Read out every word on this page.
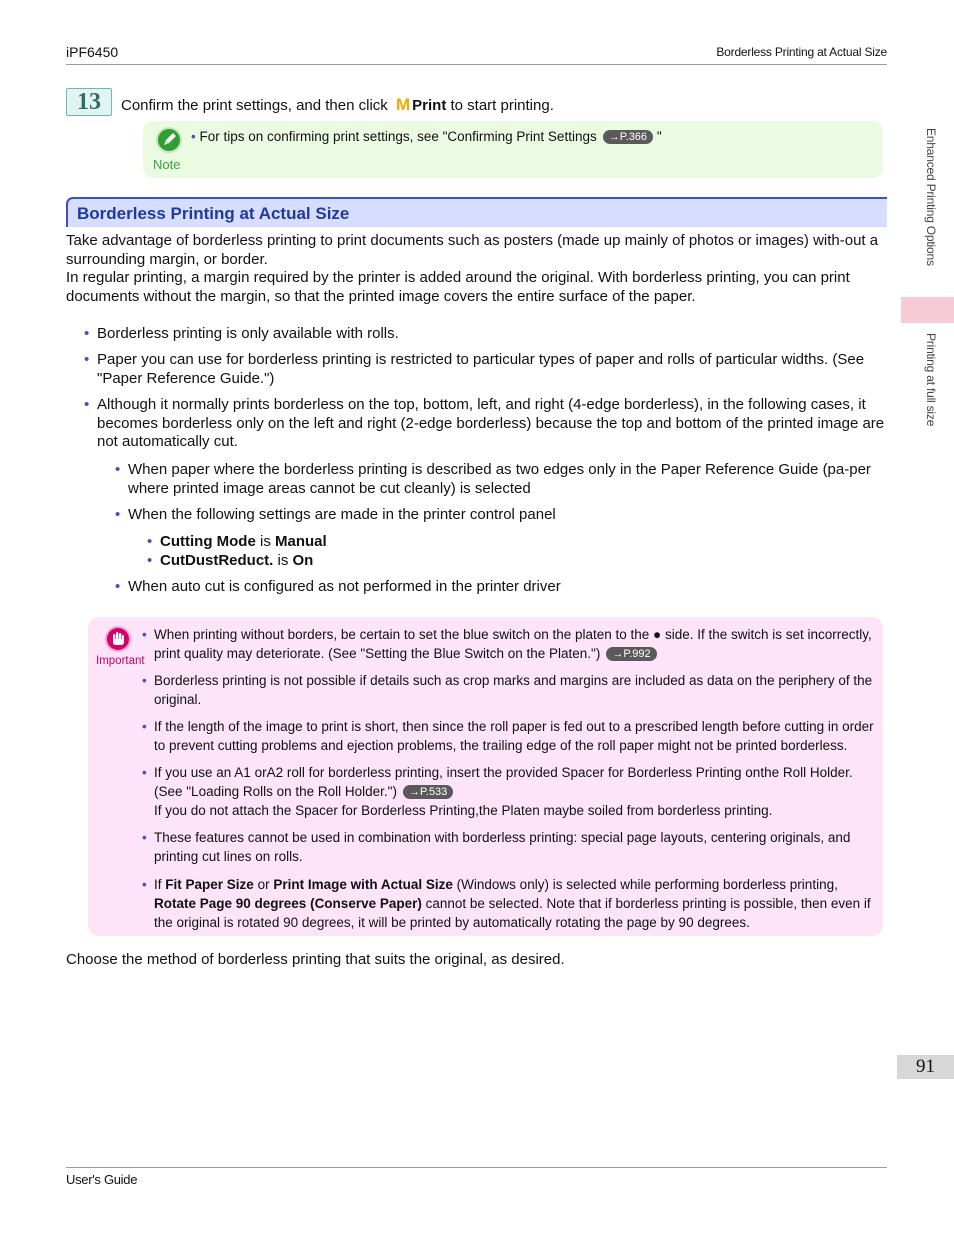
iPF6450	Borderless Printing at Actual Size
User's Guide
Enhanced Printing Options
Printing at full size
91
13	Confirm the print settings, and then click M Print to start printing.
Note
• For tips on confirming print settings, see "Confirming Print Settings →P.366 "
Borderless Printing at Actual Size
Take advantage of borderless printing to print documents such as posters (made up mainly of photos or images) with-out a surrounding margin, or border.
In regular printing, a margin required by the printer is added around the original. With borderless printing, you can print documents without the margin, so that the printed image covers the entire surface of the paper.
• Borderless printing is only available with rolls.
• Paper you can use for borderless printing is restricted to particular types of paper and rolls of particular widths. (See "Paper Reference Guide.")
• Although it normally prints borderless on the top, bottom, left, and right (4-edge borderless), in the following cases, it becomes borderless only on the left and right (2-edge borderless) because the top and bottom of the printed image are not automatically cut.
• When paper where the borderless printing is described as two edges only in the Paper Reference Guide (pa-per where printed image areas cannot be cut cleanly) is selected
• When the following settings are made in the printer control panel
• Cutting Mode is Manual
• CutDustReduct. is On
• When auto cut is configured as not performed in the printer driver
Important
• When printing without borders, be certain to set the blue switch on the platen to the ● side. If the switch is set incorrectly, print quality may deteriorate. (See "Setting the Blue Switch on the Platen.") →P.992
• Borderless printing is not possible if details such as crop marks and margins are included as data on the periphery of the original.
• If the length of the image to print is short, then since the roll paper is fed out to a prescribed length before cutting in order to prevent cutting problems and ejection problems, the trailing edge of the roll paper might not be printed borderless.
• If you use an A1 orA2 roll for borderless printing, insert the provided Spacer for Borderless Printing onthe Roll Holder. (See "Loading Rolls on the Roll Holder.") →P.533
If you do not attach the Spacer for Borderless Printing,the Platen maybe soiled from borderless printing.
• These features cannot be used in combination with borderless printing: special page layouts, centering originals, and printing cut lines on rolls.
• If Fit Paper Size or Print Image with Actual Size (Windows only) is selected while performing borderless printing, Rotate Page 90 degrees (Conserve Paper) cannot be selected. Note that if borderless printing is possible, then even if the original is rotated 90 degrees, it will be printed by automatically rotating the page by 90 degrees.
Choose the method of borderless printing that suits the original, as desired.
